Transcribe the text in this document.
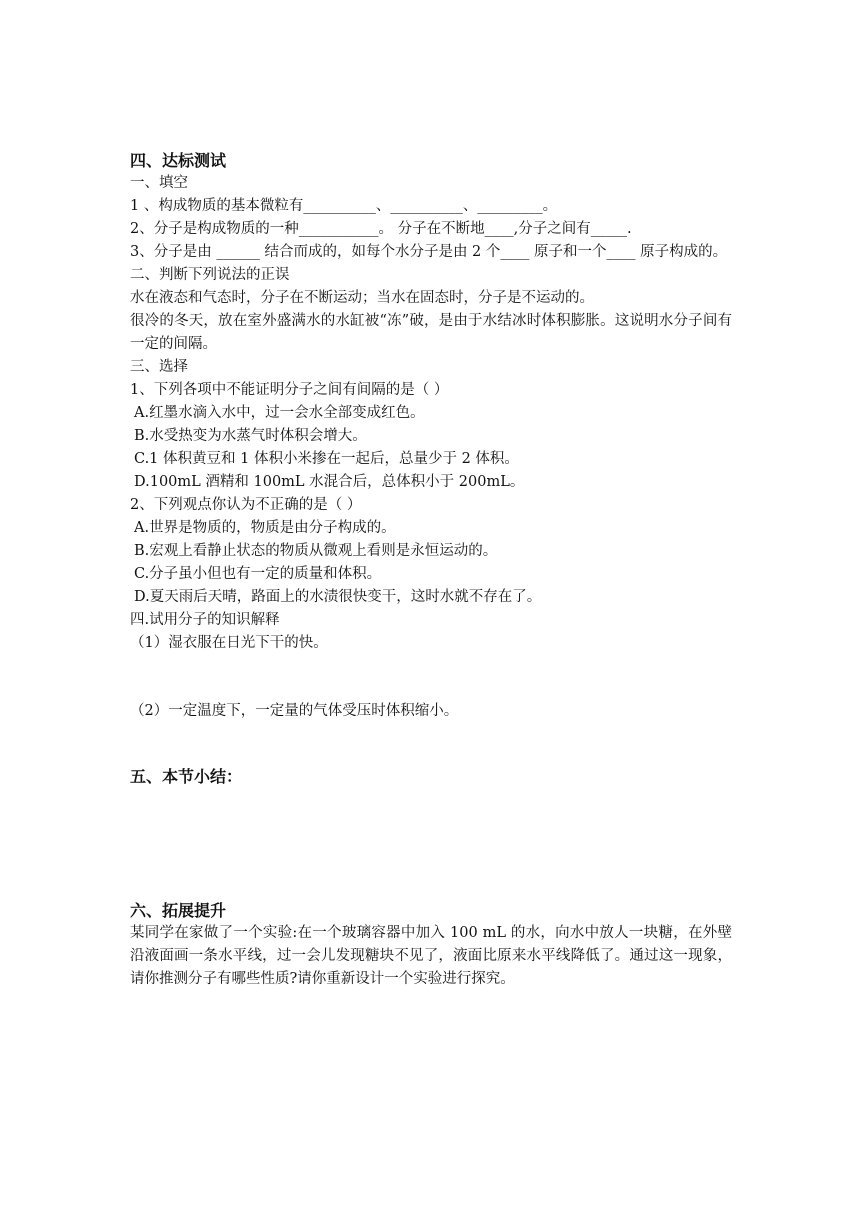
四、达标测试

一、填空

1 、构成物质的基本微粒有__________、__________、_________。

2、分子是构成物质的一种___________。 分子在不断地____,分子之间有_____.

3、分子是由 ______ 结合而成的，如每个水分子是由 2 个____ 原子和一个____ 原子构成的。

二、判断下列说法的正误

水在液态和气态时，分子在不断运动；当水在固态时，分子是不运动的。

很冷的冬天，放在室外盛满水的水缸被“冻”破，是由于水结冰时体积膨胀。这说明水分子间有一定的间隔。

三、选择

1、下列各项中不能证明分子之间有间隔的是（ ）

A.红墨水滴入水中，过一会水全部变成红色。

B.水受热变为水蒸气时体积会增大。

C.1 体积黄豆和 1 体积小米掺在一起后，总量少于 2 体积。

D.100mL 酒精和 100mL 水混合后，总体积小于 200mL。

2、下列观点你认为不正确的是（ ）

A.世界是物质的，物质是由分子构成的。

B.宏观上看静止状态的物质从微观上看则是永恒运动的。

C.分子虽小但也有一定的质量和体积。

D.夏天雨后天晴，路面上的水渍很快变干，这时水就不存在了。

四.试用分子的知识解释

（1）湿衣服在日光下干的快。

（2）一定温度下，一定量的气体受压时体积缩小。

五、本节小结：

六、拓展提升

某同学在家做了一个实验:在一个玻璃容器中加入 100 mL 的水，向水中放人一块糖，在外壁沿液面画一条水平线，过一会儿发现糖块不见了，液面比原来水平线降低了。通过这一现象，请你推测分子有哪些性质?请你重新设计一个实验进行探究。
